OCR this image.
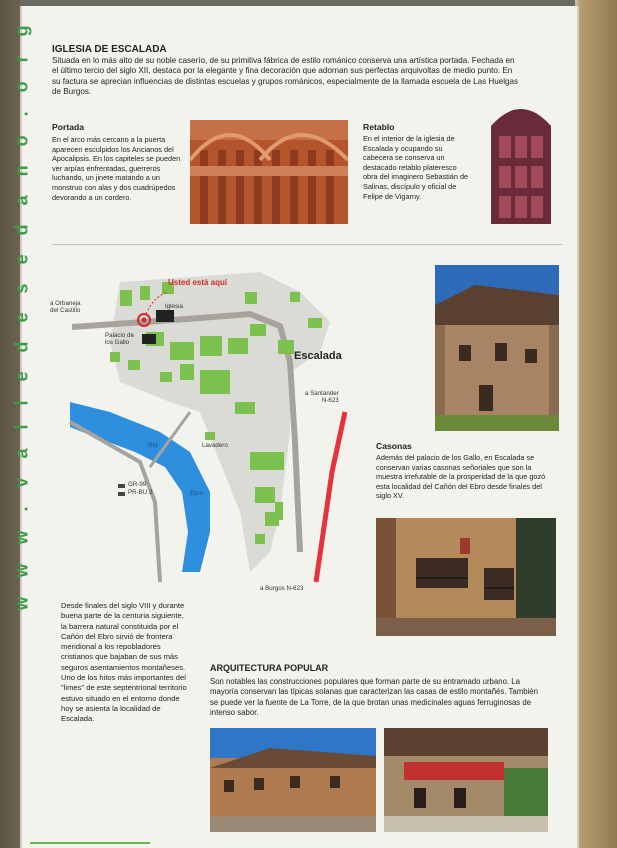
w w w . v a l l e d e s e d a n o . o r g IGLESIA DE ESCALADA
Situada en lo más alto de su noble caserío, de su primitiva fábrica de estilo románico conserva una artística portada. Fechada en el último tercio del siglo XII, destaca por la elegante y fina decoración que adornan sus perfectas arquivoltas de medio punto. En su factura se aprecian influencias de distintas escuelas y grupos románicos, especialmente de la llamada escuela de Las Huelgas de Burgos.
Portada
En el arco más cercano a la puerta aparecen esculpidos los Ancianos del Apocalipsis. En los capiteles se pueden ver arpías enfrentadas, guerreros luchando, un jinete matando a un monstruo con alas y dos cuadrúpedos devorando a un cordero.
Retablo
En el interior de la iglesia de Escalada y ocupando su cabecera se conserva un destacado retablo plateresco obra del imaginero Sebastián de Salinas, discípulo y oficial de Felipe de Vigarny.
Usted está aquí
a Orbaneja
del Castillo
Iglesia
Palacio de
los Gallo
Escalada
a Santander
N-623
Lavadero
Río
Ebro
GR-99
PR-BU 2
a Burgos N-623
Casonas
Además del palacio de los Gallo, en Escalada se conservan varias casonas señoriales que son la muestra irrefutable de la prosperidad de la que gozó esta localidad del Cañón del Ebro desde finales del siglo XV.
Desde finales del siglo VIII y durante buena parte de la centuria siguiente, la barrera natural constituida por el Cañón del Ebro sirvió de frontera meridional a los repobladores cristianos que bajaban de sus más seguros asentamientos montañeses. Uno de los hitos más importantes del "limes" de este septentrional territorio estuvo situado en el entorno donde hoy se asienta la localidad de Escalada.
ARQUITECTURA POPULAR
Son notables las construcciones populares que forman parte de su entramado urbano. La mayoría conservan las típicas solanas que caracterizan las casas de estilo montañés. También se puede ver la fuente de La Torre, de la que brotan unas medicinales aguas ferruginosas de intenso sabor.
